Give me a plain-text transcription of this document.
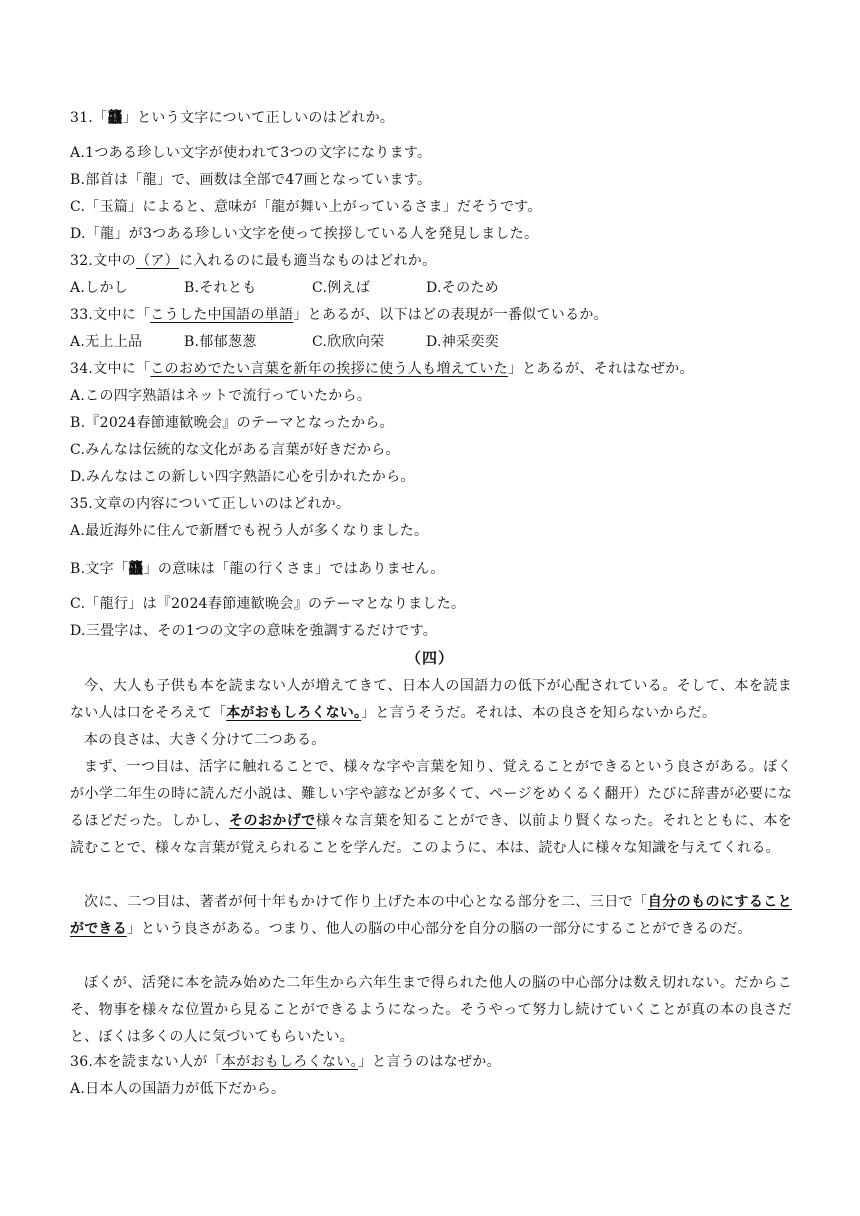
31.「龘」という文字について正しいのはどれか。
A.1つある珍しい文字が使われて3つの文字になります。
B.部首は「龍」で、画数は全部で47画となっています。
C.「玉篇」によると、意味が「龍が舞い上がっているさま」だそうです。
D.「龍」が3つある珍しい文字を使って挨拶している人を発見しました。
32.文中の（ア）に入れるのに最も適当なものはどれか。
A.しかし	B.それとも	C.例えば	D.そのため
33.文中に「こうした中国語の単語」とあるが、以下はどの表現が一番似ているか。
A.无上上品	B.郁郁葱葱	C.欣欣向荣	D.神采奕奕
34.文中に「このおめでたい言葉を新年の挨拶に使う人も増えていた」とあるが、それはなぜか。
A.この四字熟語はネットで流行っていたから。
B.『2024春節連歓晩会』のテーマとなったから。
C.みんなは伝統的な文化がある言葉が好きだから。
D.みんなはこの新しい四字熟語に心を引かれたから。
35.文章の内容について正しいのはどれか。
A.最近海外に住んで新暦でも祝う人が多くなりました。
B.文字「龘」の意味は「龍の行くさま」ではありません。
C.「龍行」は『2024春節連歓晩会』のテーマとなりました。
D.三畳字は、その1つの文字の意味を強調するだけです。
（四）
今、大人も子供も本を読まない人が増えてきて、日本人の国語力の低下が心配されている。そして、本を読まない人は口をそろえて「本がおもしろくない。」と言うそうだ。それは、本の良さを知らないからだ。
本の良さは、大きく分けて二つある。
まず、一つ目は、活字に触れることで、様々な字や言葉を知り、覚えることができるという良さがある。ぼくが小学二年生の時に読んだ小説は、難しい字や諺などが多くて、ページをめくるく翻开）たびに辞書が必要になるほどだった。しかし、そのおかげで様々な言葉を知ることができ、以前より賢くなった。それとともに、本を読むことで、様々な言葉が覚えられることを学んだ。このように、本は、読む人に様々な知識を与えてくれる。
次に、二つ目は、著者が何十年もかけて作り上げた本の中心となる部分を二、三日で「自分のものにすることができる」という良さがある。つまり、他人の脳の中心部分を自分の脳の一部分にすることができるのだ。
ぼくが、活発に本を読み始めた二年生から六年生まで得られた他人の脳の中心部分は数え切れない。だからこそ、物事を様々な位置から見ることができるようになった。そうやって努力し続けていくことが真の本の良さだと、ぼくは多くの人に気づいてもらいたい。
36.本を読まない人が「本がおもしろくない。」と言うのはなぜか。
A.日本人の国語力が低下だから。
